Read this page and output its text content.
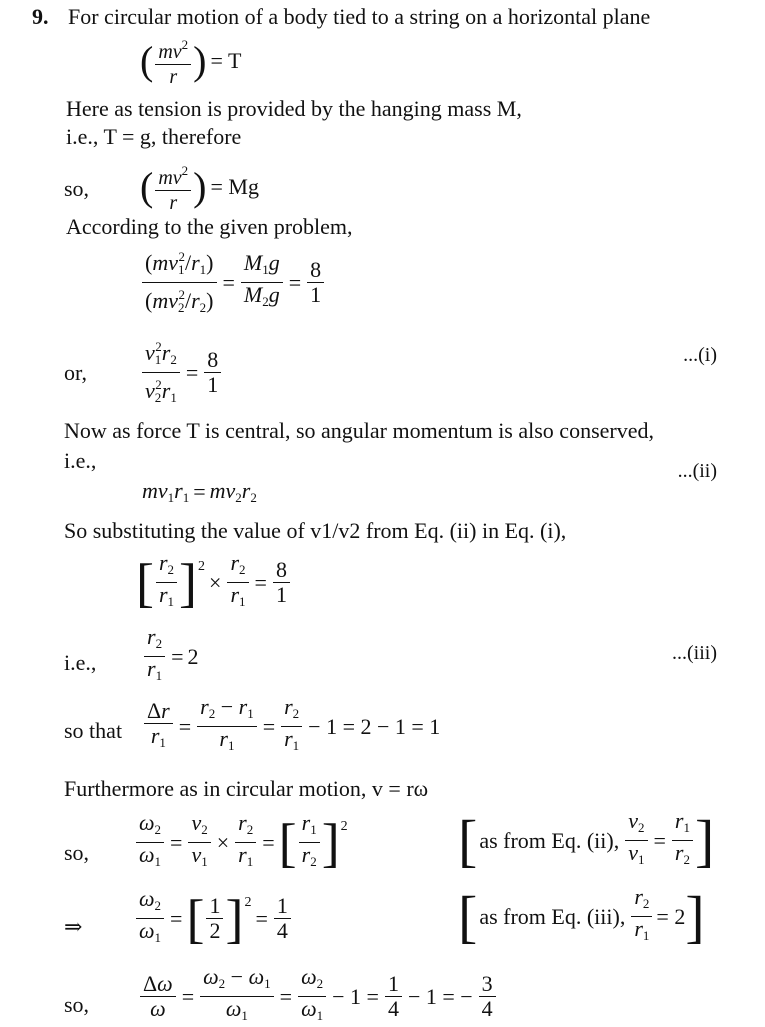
9. For circular motion of a body tied to a string on a horizontal plane
( $\frac{mv^2}{r}$ ) = T
Here as tension is provided by the hanging mass M,
i.e., T = g, therefore
so, ( $\frac{mv^2}{r}$ ) = Mg
According to the given problem,
$\frac{(mv_1^2/r_1)}{(mv_2^2/r_2)} = \frac{M_1g}{M_2g} = \frac{8}{1}$
or,
...(i)
$\frac{v_1^2r_2}{v_2^2r_1} = \frac{8}{1}$
Now as force T is central, so angular momentum is also conserved,
i.e.,	...(ii)
$mv_1r_1 = mv_2r_2$
So substituting the value of v1/v2 from Eq. (ii) in Eq. (i),
[ $\frac{r_2}{r_1}$ ] 2
× $\frac{r_2}{r_1} = \frac{8}{1}$
i.e.,	...(iii)
$\frac{r_2}{r_1} = 2$
so that $\frac{\Delta r}{r_1} = \frac{r_2 - r_1}{r_1} = \frac{r_2}{r_1} - 1 = 2 - 1 = 1$
Furthermore as in circular motion, v = rω
so, $\frac{\omega_2}{\omega_1} = \frac{v_2}{v_1} \times \frac{r_2}{r_1}$ = [ $\frac{r_1}{r_2}$ ] 2 [ as from Eq. (ii), $\frac{v_2}{v_1} = \frac{r_1}{r_2}$ ]
⇒ $\frac{\omega_2}{\omega_1}$ = [ $\frac{1}{2}$ ] 2
= $\frac{1}{4}$	[ as from Eq. (iii), $\frac{r_2}{r_1} = 2$ ]
so, $\frac{\Delta\omega}{\omega} = \frac{\omega_2 - \omega_1}{\omega_1} = \frac{\omega_2}{\omega_1} - 1 = \frac{1}{4} - 1$ = − $\frac{3}{4}$
